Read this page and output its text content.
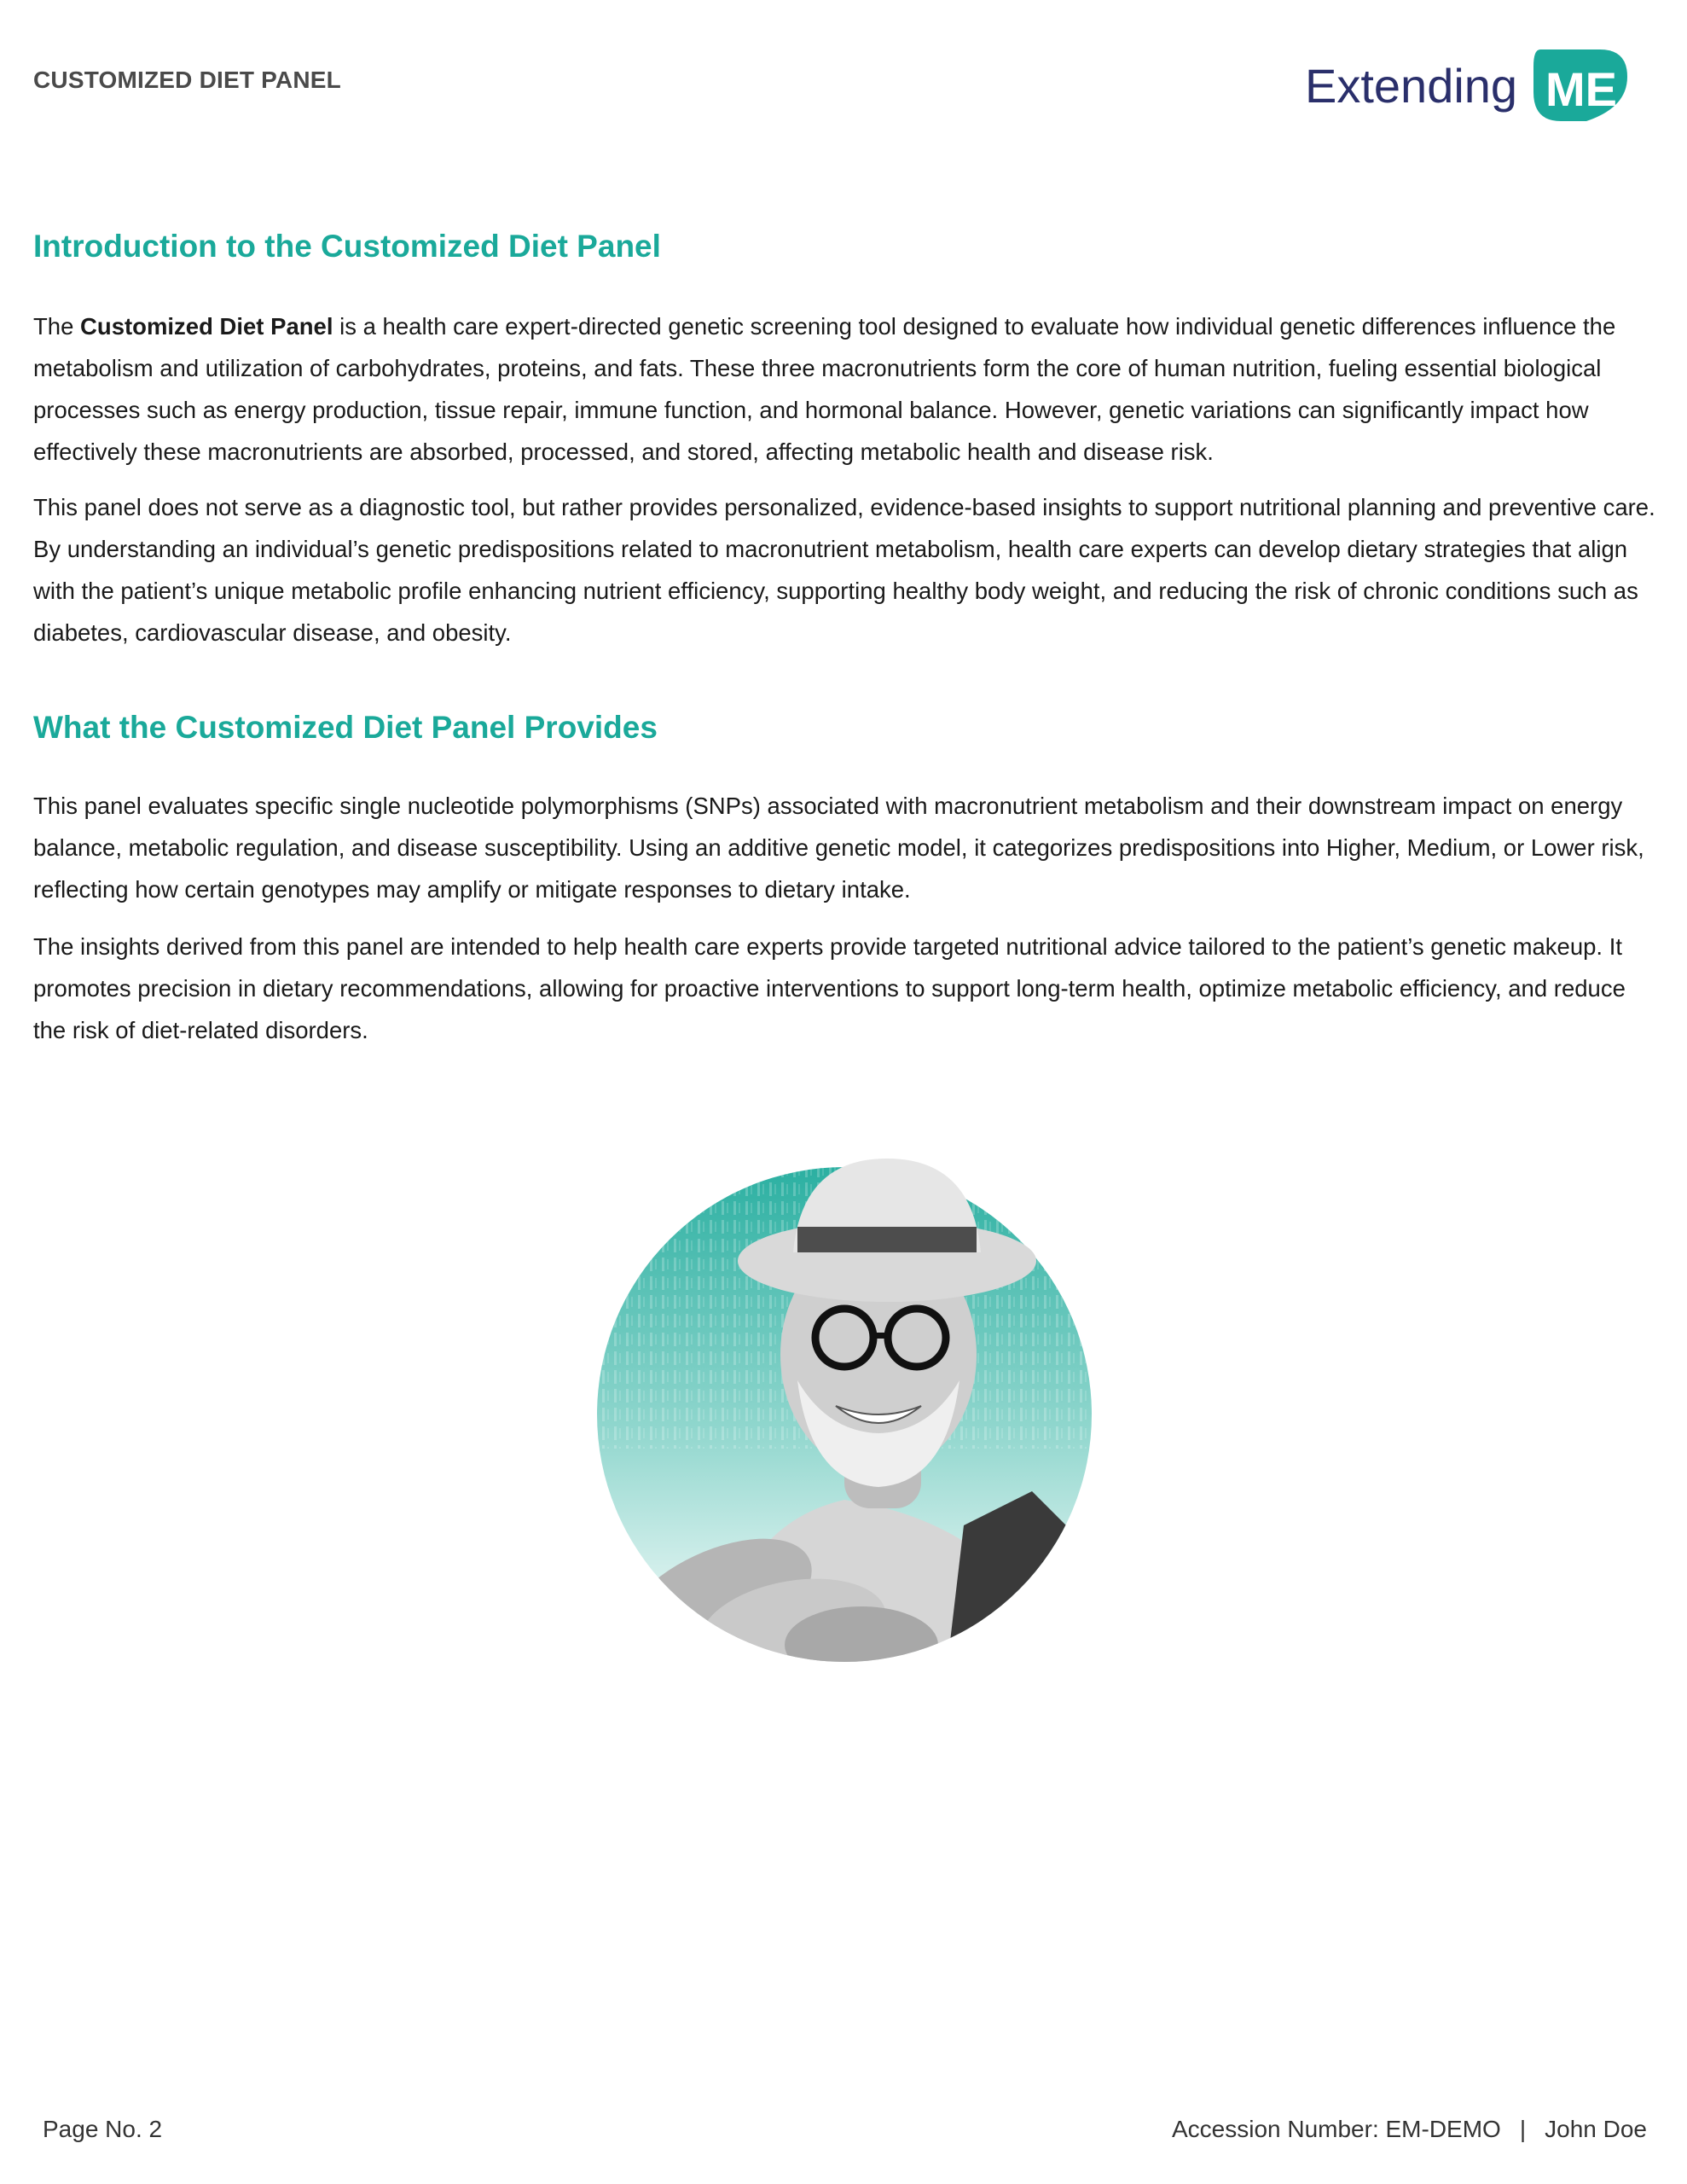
CUSTOMIZED DIET PANEL	Extending ME
Introduction to the Customized Diet Panel

The Customized Diet Panel is a health care expert-directed genetic screening tool designed to evaluate how individual genetic differences influence the metabolism and utilization of carbohydrates, proteins, and fats. These three macronutrients form the core of human nutrition, fueling essential biological processes such as energy production, tissue repair, immune function, and hormonal balance. However, genetic variations can significantly impact how effectively these macronutrients are absorbed, processed, and stored, affecting metabolic health and disease risk.

This panel does not serve as a diagnostic tool, but rather provides personalized, evidence-based insights to support nutritional planning and preventive care. By understanding an individual’s genetic predispositions related to macronutrient metabolism, health care experts can develop dietary strategies that align with the patient’s unique metabolic profile enhancing nutrient efficiency, supporting healthy body weight, and reducing the risk of chronic conditions such as diabetes, cardiovascular disease, and obesity.

What the Customized Diet Panel Provides

This panel evaluates specific single nucleotide polymorphisms (SNPs) associated with macronutrient metabolism and their downstream impact on energy balance, metabolic regulation, and disease susceptibility. Using an additive genetic model, it categorizes predispositions into Higher, Medium, or Lower risk, reflecting how certain genotypes may amplify or mitigate responses to dietary intake.

The insights derived from this panel are intended to help health care experts provide targeted nutritional advice tailored to the patient’s genetic makeup. It promotes precision in dietary recommendations, allowing for proactive interventions to support long-term health, optimize metabolic efficiency, and reduce the risk of diet-related disorders.

Page No. 2	Accession Number: EM-DEMO | John Doe
